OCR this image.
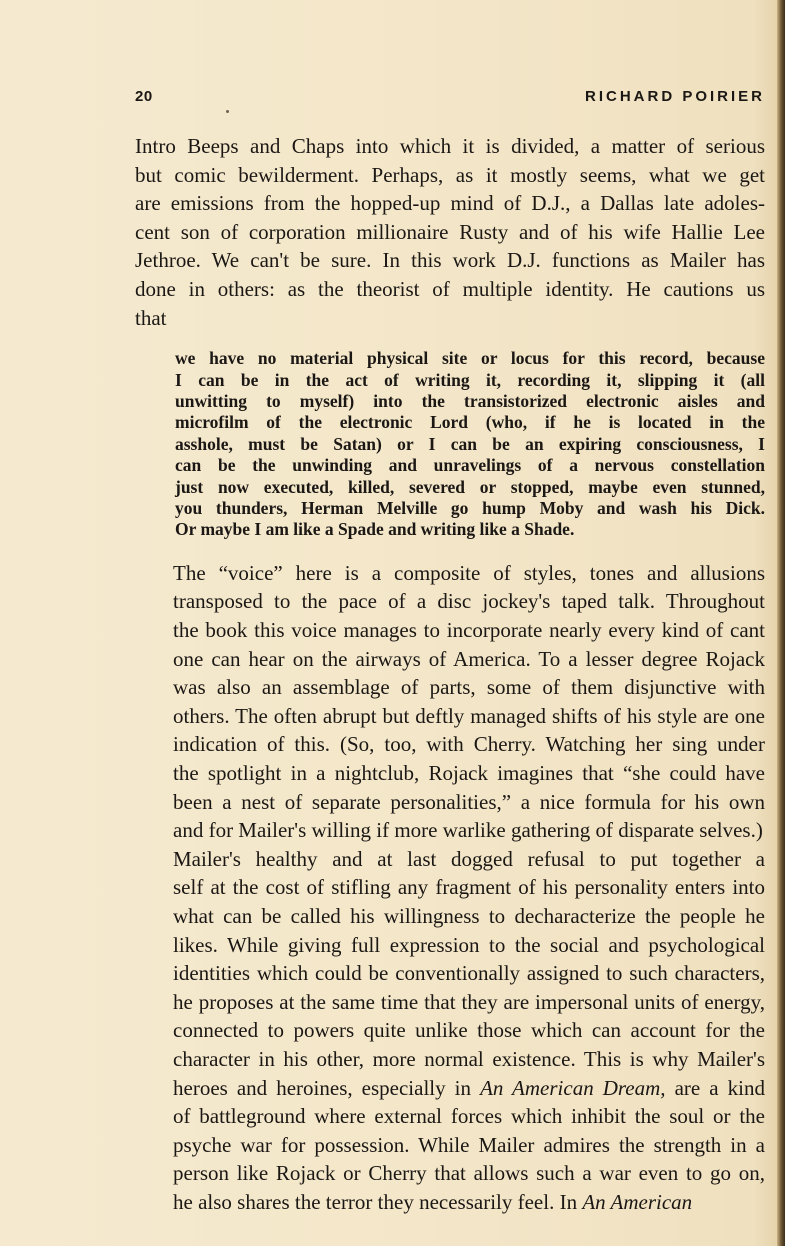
20	RICHARD POIRIER

Intro Beeps and Chaps into which it is divided, a matter of serious
but comic bewilderment. Perhaps, as it mostly seems, what we get
are emissions from the hopped-up mind of D.J., a Dallas late adoles-
cent son of corporation millionaire Rusty and of his wife Hallie Lee
Jethroe. We can't be sure. In this work D.J. functions as Mailer has
done in others: as the theorist of multiple identity. He cautions us
that

we have no material physical site or locus for this record, because
I can be in the act of writing it, recording it, slipping it (all
unwitting to myself) into the transistorized electronic aisles and
microfilm of the electronic Lord (who, if he is located in the
asshole, must be Satan) or I can be an expiring consciousness, I
can be the unwinding and unravelings of a nervous constellation
just now executed, killed, severed or stopped, maybe even stunned,
you thunders, Herman Melville go hump Moby and wash his Dick.
Or maybe I am like a Spade and writing like a Shade.

The “voice” here is a composite of styles, tones and allusions
transposed to the pace of a disc jockey's taped talk. Throughout
the book this voice manages to incorporate nearly every kind of cant
one can hear on the airways of America. To a lesser degree Rojack
was also an assemblage of parts, some of them disjunctive with
others. The often abrupt but deftly managed shifts of his style are one
indication of this. (So, too, with Cherry. Watching her sing under
the spotlight in a nightclub, Rojack imagines that “she could have
been a nest of separate personalities,” a nice formula for his own
and for Mailer's willing if more warlike gathering of disparate selves.)

Mailer's healthy and at last dogged refusal to put together a
self at the cost of stifling any fragment of his personality enters into
what can be called his willingness to decharacterize the people he
likes. While giving full expression to the social and psychological
identities which could be conventionally assigned to such characters,
he proposes at the same time that they are impersonal units of energy,
connected to powers quite unlike those which can account for the
character in his other, more normal existence. This is why Mailer's
heroes and heroines, especially in An American Dream, are a kind
of battleground where external forces which inhibit the soul or the
psyche war for possession. While Mailer admires the strength in a
person like Rojack or Cherry that allows such a war even to go on,
he also shares the terror they necessarily feel. In An American
